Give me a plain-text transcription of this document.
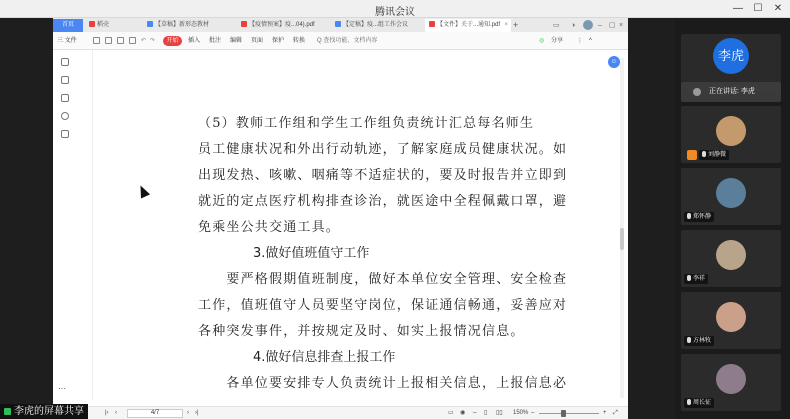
腾讯会议	—	☐	✕
首页	稻壳	【草稿】新形态教材	【疫情预案】疫...04).pdf	【定稿】疫...组工作会议	【文件】关于...通知.pdf × +	▭ ◑	– ▢ ×
三 文件	↶ ↷	开始	插入 批注 编辑 页面 保护 转换 Q 查找功能、文档内容	◎ 分享 ⋮ ^
⋯
☺

（5）教师工作组和学生工作组负责统计汇总每名师生

员工健康状况和外出行动轨迹，了解家庭成员健康状况。如

出现发热、咳嗽、咽痛等不适症状的，要及时报告并立即到

就近的定点医疗机构排查诊治，就医途中全程佩戴口罩，避

免乘坐公共交通工具。

3.做好值班值守工作

　　要严格假期值班制度，做好本单位安全管理、安全检查

工作，值班值守人员要坚守岗位，保证通信畅通，妥善应对

各种突发事件，并按规定及时、如实上报情况信息。

4.做好信息排查上报工作

　　各单位要安排专人负责统计上报相关信息，上报信息必

|‹ ‹	4/7	› ›|	▭ ◉ ⇔ ▯ ▯▯ 150% –	+ ⤢
李虎的屏幕共享
李虎
正在讲话: 李虎
刘静微
郑怀静
李祥
方林牧
周长征
